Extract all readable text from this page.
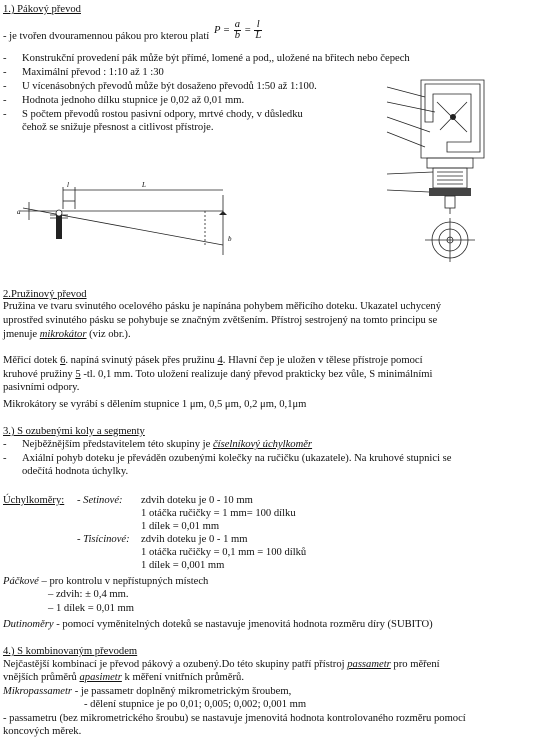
1.) Pákový převod
- je tvořen dvouramennou pákou pro kterou platí
$P = \frac{a}{b} = \frac{l}{L}$
- Konstrukční provedení pák může být přímé, lomené a pod,, uložené na břitech nebo čepech
- Maximální převod : 1:10 až 1 :30
- U vícenásobných převodů může být dosaženo převodů 1:50 až 1:100.
- Hodnota jednoho dílku stupnice je 0,02 až 0,01 mm.
- S počtem převodů rostou pasivní odpory, mrtvé chody, v důsledku
čehož se snižuje přesnost a citlivost přístroje.
L
l
a
b
2.Pružinový převod
Pružina ve tvaru svinutého ocelového pásku je napínána pohybem měřicího doteku. Ukazatel uchycený
uprostřed svinutého pásku se pohybuje se značným zvětšením. Přístroj sestrojený na tomto principu se
jmenuje mikrokátor (viz obr.).
Měřicí dotek 6. napíná svinutý pásek přes pružinu 4. Hlavní čep je uložen v tělese přístroje pomocí
kruhové pružiny 5 -tl. 0,1 mm. Toto uložení realizuje daný převod prakticky bez vůle, S minimálními
pasivními odpory.
Mikrokátory se vyrábí s dělením stupnice 1 μm, 0,5 μm, 0,2 μm, 0,1μm
3.) S ozubenými koly a segmenty
- Nejběžnějším představitelem této skupiny je číselníkový úchylkoměr
- Axiální pohyb doteku je převáděn ozubenými kolečky na ručičku (ukazatele). Na kruhové stupnici se
odečítá hodnota úchylky.
Úchylkoměry: - Setinové: zdvih doteku je 0 - 10 mm
1 otáčka ručičky = 1 mm= 100 dílku
1 dílek = 0,01 mm
- Tisícinové: zdvih doteku je 0 - 1 mm
1 otáčka ručičky = 0,1 mm = 100 dílků
1 dílek = 0,001 mm
Páčkové – pro kontrolu v nepřístupných místech
– zdvih: ± 0,4 mm.
– 1 dílek = 0,01 mm
Dutinoměry - pomocí vyměnitelných doteků se nastavuje jmenovitá hodnota rozměru díry (SUBITO)
4.) S kombinovaným převodem
Nejčastější kombinací je převod pákový a ozubený.Do této skupiny patří přístroj passametr pro měření
vnějších průměrů apasimetr k měření vnitřních průměrů.
Mikropassametr - je passametr doplněný mikrometrickým šroubem,
- dělení stupnice je po 0,01; 0,005; 0,002; 0,001 mm
- passametru (bez mikrometrického šroubu) se nastavuje jmenovitá hodnota kontrolovaného rozměru pomocí
koncových měrek.
